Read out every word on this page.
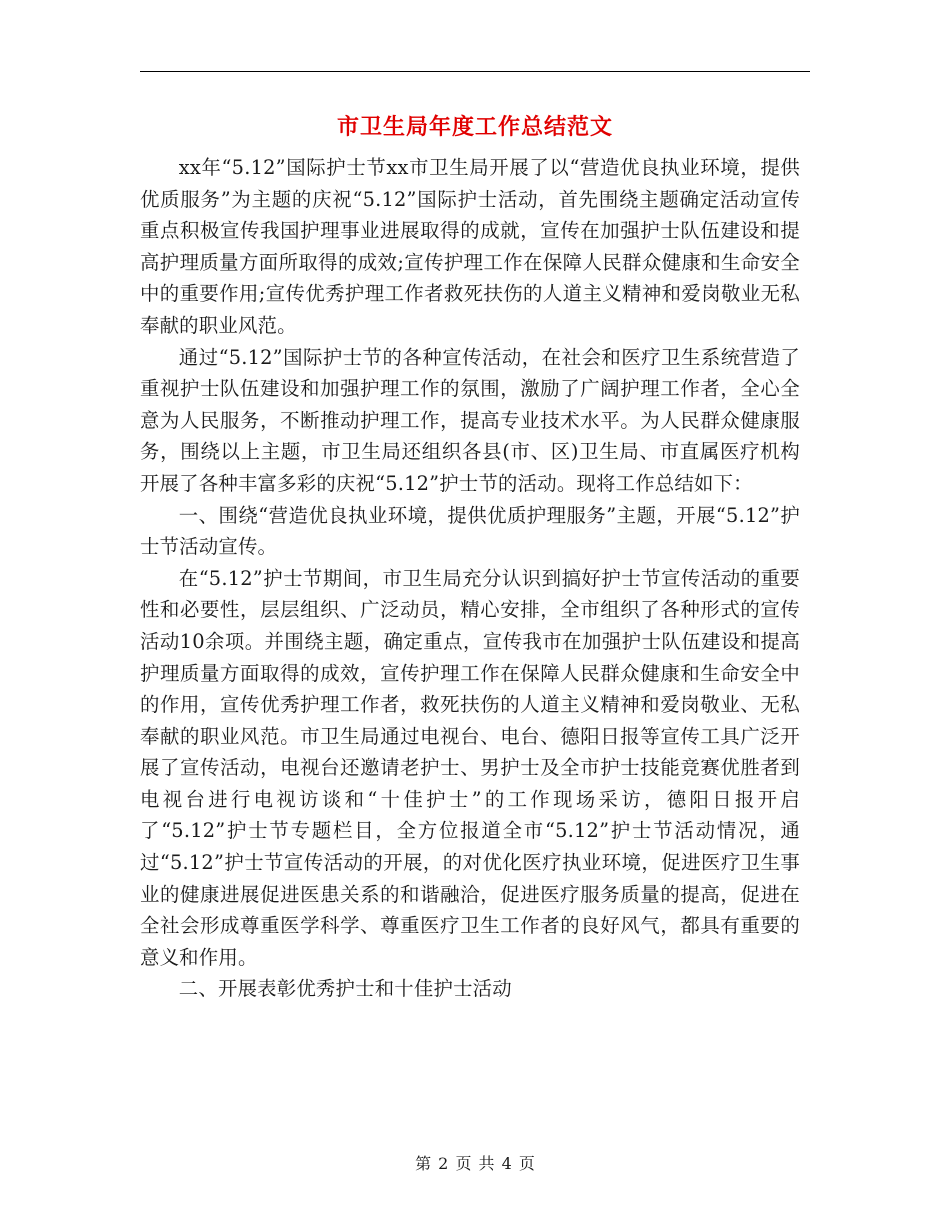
市卫生局年度工作总结范文

xx年“5.12”国际护士节xx市卫生局开展了以“营造优良执业环境，提供优质服务”为主题的庆祝“5.12”国际护士活动，首先围绕主题确定活动宣传重点积极宣传我国护理事业进展取得的成就，宣传在加强护士队伍建设和提高护理质量方面所取得的成效;宣传护理工作在保障人民群众健康和生命安全中的重要作用;宣传优秀护理工作者救死扶伤的人道主义精神和爱岗敬业无私奉献的职业风范。

通过“5.12”国际护士节的各种宣传活动，在社会和医疗卫生系统营造了重视护士队伍建设和加强护理工作的氛围，激励了广阔护理工作者，全心全意为人民服务，不断推动护理工作，提高专业技术水平。为人民群众健康服务，围绕以上主题，市卫生局还组织各县(市、区)卫生局、市直属医疗机构开展了各种丰富多彩的庆祝“5.12”护士节的活动。现将工作总结如下：

一、围绕“营造优良执业环境，提供优质护理服务”主题，开展“5.12”护士节活动宣传。

在“5.12”护士节期间，市卫生局充分认识到搞好护士节宣传活动的重要性和必要性，层层组织、广泛动员，精心安排，全市组织了各种形式的宣传活动10余项。并围绕主题，确定重点，宣传我市在加强护士队伍建设和提高护理质量方面取得的成效，宣传护理工作在保障人民群众健康和生命安全中的作用，宣传优秀护理工作者，救死扶伤的人道主义精神和爱岗敬业、无私奉献的职业风范。市卫生局通过电视台、电台、德阳日报等宣传工具广泛开展了宣传活动，电视台还邀请老护士、男护士及全市护士技能竞赛优胜者到电视台进行电视访谈和“十佳护士”的工作现场采访，德阳日报开启了“5.12”护士节专题栏目，全方位报道全市“5.12”护士节活动情况，通过“5.12”护士节宣传活动的开展，的对优化医疗执业环境，促进医疗卫生事业的健康进展促进医患关系的和谐融洽，促进医疗服务质量的提高，促进在全社会形成尊重医学科学、尊重医疗卫生工作者的良好风气，都具有重要的意义和作用。

二、开展表彰优秀护士和十佳护士活动

第 2 页 共 4 页
